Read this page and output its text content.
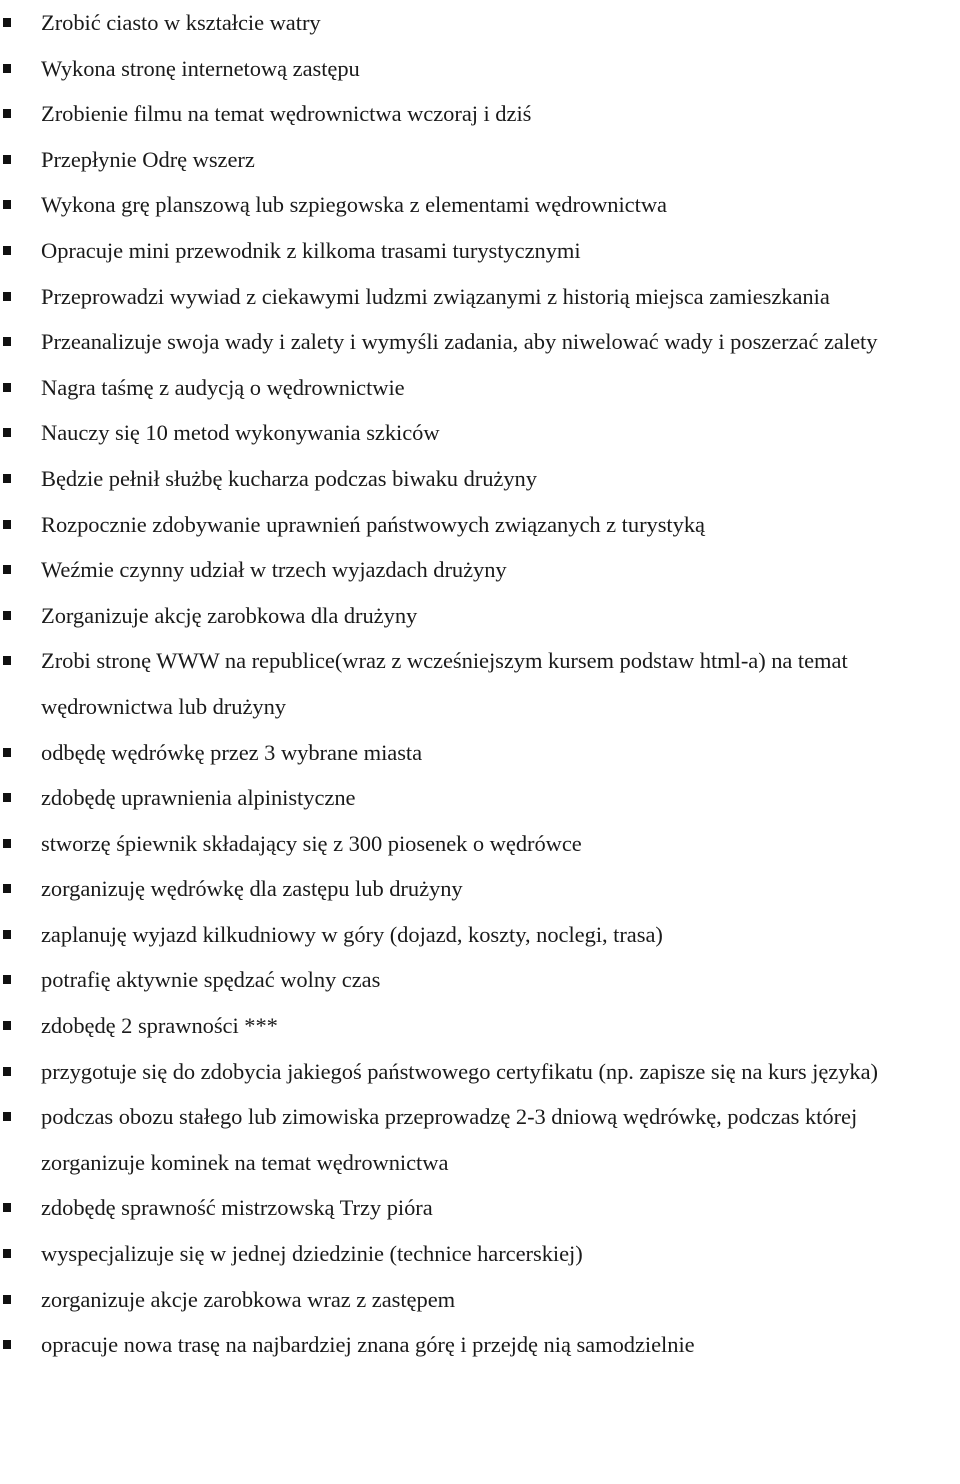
Zrobić ciasto w kształcie watry
Wykona stronę internetową zastępu
Zrobienie filmu na temat wędrownictwa wczoraj i dziś
Przepłynie Odrę wszerz
Wykona grę planszową lub szpiegowska z elementami wędrownictwa
Opracuje mini przewodnik z kilkoma trasami turystycznymi
Przeprowadzi wywiad z ciekawymi ludzmi związanymi z historią miejsca zamieszkania
Przeanalizuje swoja wady i zalety i wymyśli zadania, aby niwelować wady i poszerzać zalety
Nagra taśmę z audycją o wędrownictwie
Nauczy się 10 metod wykonywania szkiców
Będzie pełnił służbę kucharza podczas biwaku drużyny
Rozpocznie zdobywanie uprawnień państwowych związanych z turystyką
Weźmie czynny udział w trzech wyjazdach drużyny
Zorganizuje akcję zarobkowa dla drużyny
Zrobi stronę WWW na republice(wraz z wcześniejszym kursem podstaw html-a) na temat wędrownictwa lub drużyny
odbędę wędrówkę przez 3 wybrane miasta
zdobędę uprawnienia alpinistyczne
stworzę śpiewnik składający się z 300 piosenek o wędrówce
zorganizuję wędrówkę dla zastępu lub drużyny
zaplanuję wyjazd kilkudniowy w góry (dojazd, koszty, noclegi, trasa)
potrafię aktywnie spędzać wolny czas
zdobędę 2 sprawności ***
przygotuje się do zdobycia jakiegoś państwowego certyfikatu (np. zapisze się na kurs języka)
podczas obozu stałego lub zimowiska przeprowadzę 2-3 dniową wędrówkę, podczas której zorganizuje kominek na temat wędrownictwa
zdobędę sprawność mistrzowską Trzy pióra
wyspecjalizuje się w jednej dziedzinie (technice harcerskiej)
zorganizuje akcje zarobkowa wraz z zastępem
opracuje nowa trasę na najbardziej znana górę i przejdę nią samodzielnie
